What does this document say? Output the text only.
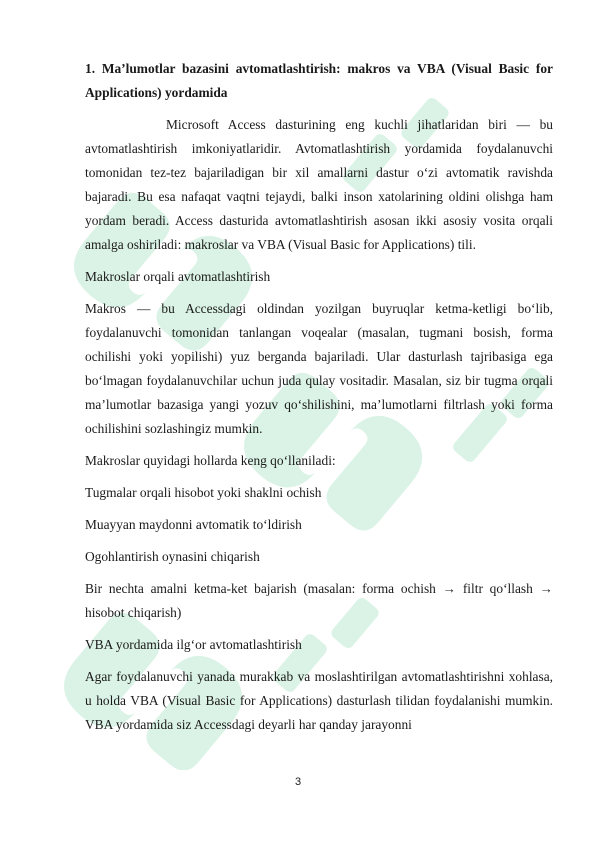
1. Ma’lumotlar bazasini avtomatlashtirish: makros va VBA (Visual Basic for Applications) yordamida

Microsoft Access dasturining eng kuchli jihatlaridan biri — bu avtomatlashtirish imkoniyatlaridir. Avtomatlashtirish yordamida foydalanuvchi tomonidan tez-tez bajariladigan bir xil amallarni dastur o‘zi avtomatik ravishda bajaradi. Bu esa nafaqat vaqtni tejaydi, balki inson xatolarining oldini olishga ham yordam beradi. Access dasturida avtomatlashtirish asosan ikki asosiy vosita orqali amalga oshiriladi: makroslar va VBA (Visual Basic for Applications) tili.

Makroslar orqali avtomatlashtirish

Makros — bu Accessdagi oldindan yozilgan buyruqlar ketma-ketligi bo‘lib, foydalanuvchi tomonidan tanlangan voqealar (masalan, tugmani bosish, forma ochilishi yoki yopilishi) yuz berganda bajariladi. Ular dasturlash tajribasiga ega bo‘lmagan foydalanuvchilar uchun juda qulay vositadir. Masalan, siz bir tugma orqali ma’lumotlar bazasiga yangi yozuv qo‘shilishini, ma’lumotlarni filtrlash yoki forma ochilishini sozlashingiz mumkin.

Makroslar quyidagi hollarda keng qo‘llaniladi:

Tugmalar orqali hisobot yoki shaklni ochish

Muayyan maydonni avtomatik to‘ldirish

Ogohlantirish oynasini chiqarish

Bir nechta amalni ketma-ket bajarish (masalan: forma ochish → filtr qo‘llash → hisobot chiqarish)

VBA yordamida ilg‘or avtomatlashtirish

Agar foydalanuvchi yanada murakkab va moslashtirilgan avtomatlashtirishni xohlasa, u holda VBA (Visual Basic for Applications) dasturlash tilidan foydalanishi mumkin. VBA yordamida siz Accessdagi deyarli har qanday jarayonni

3
